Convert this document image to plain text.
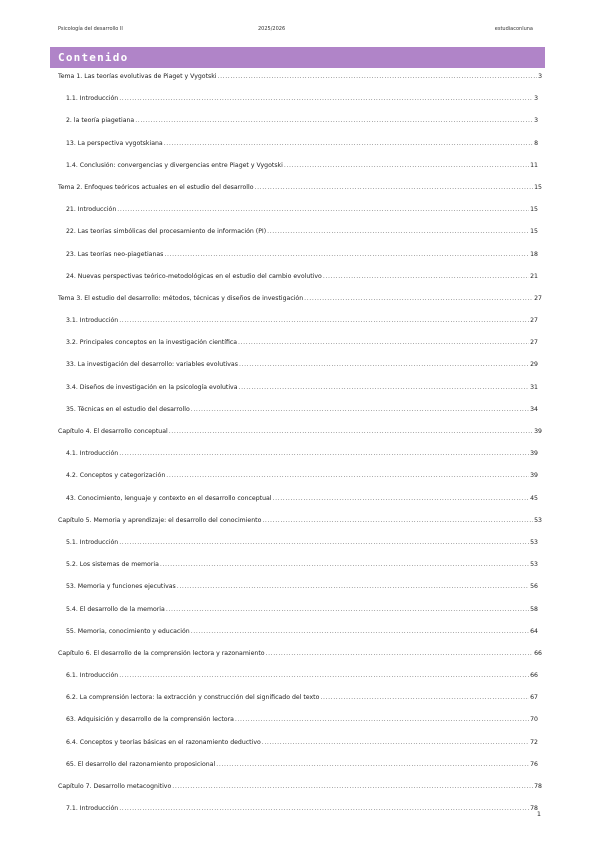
Psicología del desarrollo II	2025/2026	estudiaconluna
Contenido
Tema 1. Las teorías evolutivas de Piaget y Vygotski .....	3
1.1. Introducción .....	3
2. la teoría piagetiana .....	3
13. La perspectiva vygotskiana .....	8
1.4. Conclusión: convergencias y divergencias entre Piaget y Vygotski .....	11
Tema 2. Enfoques teóricos actuales en el estudio del desarrollo .....	15
21. Introducción .....	15
22. Las teorías simbólicas del procesamiento de información (PI) .....	15
23. Las teorías neo-piagetianas .....	18
24. Nuevas perspectivas teórico-metodológicas en el estudio del cambio evolutivo .....	21
Tema 3. El estudio del desarrollo: métodos, técnicas y diseños de investigación .....	27
3.1. Introducción .....	27
3.2. Principales conceptos en la investigación científica .....	27
33. La investigación del desarrollo: variables evolutivas .....	29
3.4. Diseños de investigación en la psicología evolutiva .....	31
35. Técnicas en el estudio del desarrollo .....	34
Capítulo 4. El desarrollo conceptual .....	39
4.1. Introducción .....	39
4.2. Conceptos y categorización .....	39
43. Conocimiento, lenguaje y contexto en el desarrollo conceptual .....	45
Capítulo 5. Memoria y aprendizaje: el desarrollo del conocimiento .....	53
5.1. Introducción .....	53
5.2. Los sistemas de memoria .....	53
53. Memoria y funciones ejecutivas .....	56
5.4. El desarrollo de la memoria .....	58
55. Memoria, conocimiento y educación .....	64
Capítulo 6. El desarrollo de la comprensión lectora y razonamiento .....	66
6.1. Introducción .....	66
6.2. La comprensión lectora: la extracción y construcción del significado del texto .....	67
63. Adquisición y desarrollo de la comprensión lectora .....	70
6.4. Conceptos y teorías básicas en el razonamiento deductivo .....	72
65. El desarrollo del razonamiento proposicional .....	76
Capítulo 7. Desarrollo metacognitivo .....	78
7.1. Introducción .....	78
1
